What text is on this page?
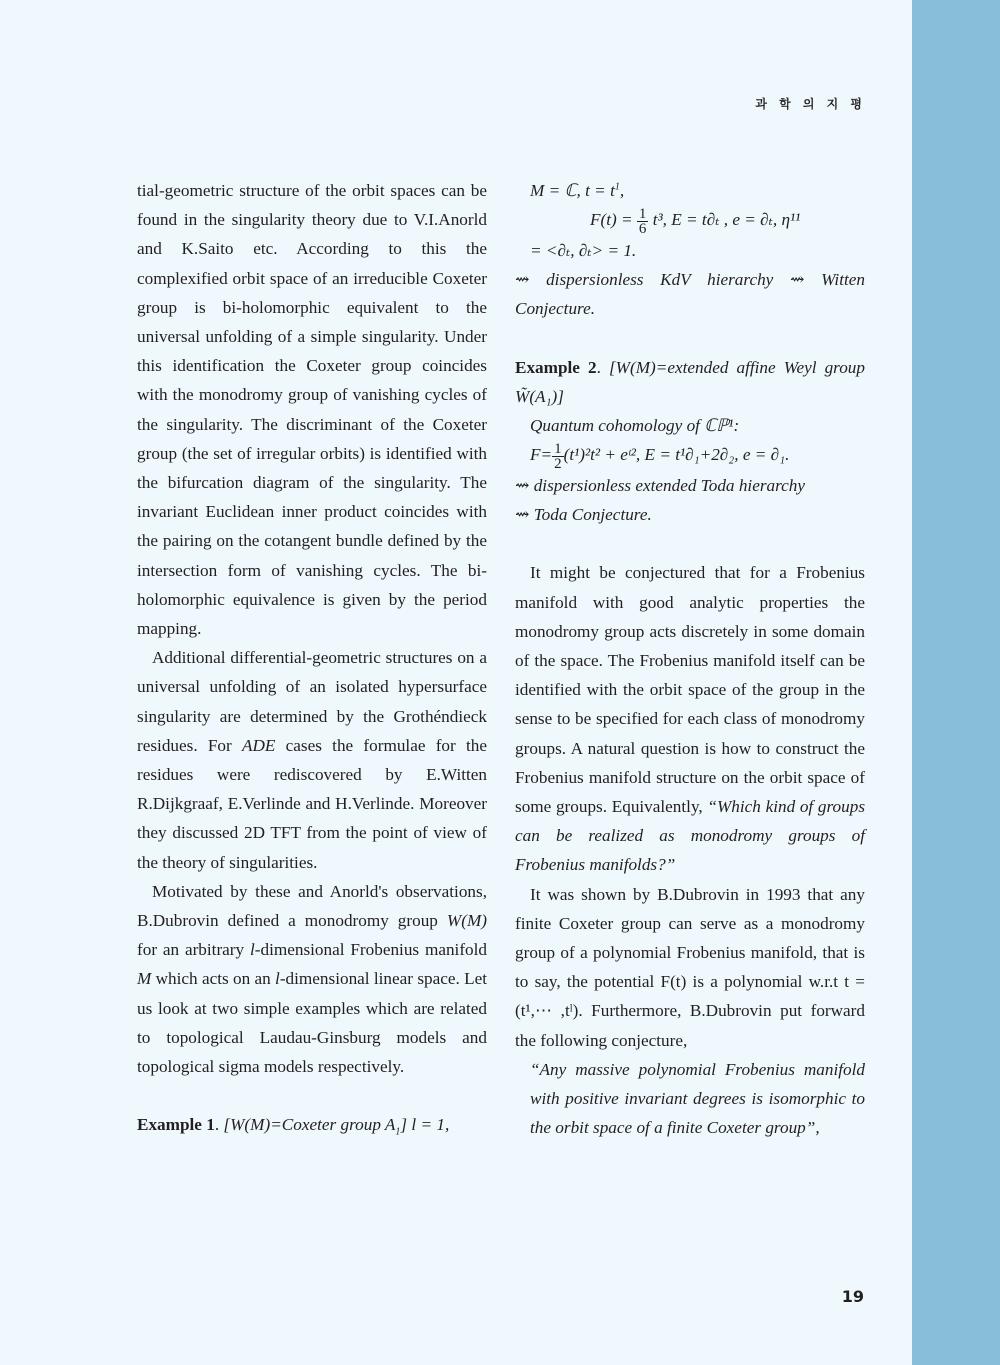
과 학 의 지 평

tial-geometric structure of the orbit spaces can be found in the singularity theory due to V.I.Anorld and K.Saito etc. According to this the complexified orbit space of an irreducible Coxeter group is bi-holomorphic equivalent to the universal unfolding of a simple singularity. Under this identification the Coxeter group coincides with the monodromy group of vanishing cycles of the singularity. The discriminant of the Coxeter group (the set of irregular orbits) is identified with the bifurcation diagram of the singularity. The invariant Euclidean inner product coincides with the pairing on the cotangent bundle defined by the intersection form of vanishing cycles. The bi-holomorphic equivalence is given by the period mapping.

Additional differential-geometric structures on a universal unfolding of an isolated hypersurface singularity are determined by the Grothéndieck residues. For ADE cases the formulae for the residues were rediscovered by E.Witten R.Dijkgraaf, E.Verlinde and H.Verlinde. Moreover they discussed 2D TFT from the point of view of the theory of singularities.

Motivated by these and Anorld's observations, B.Dubrovin defined a monodromy group W(M) for an arbitrary l-dimensional Frobenius manifold M which acts on an l-dimensional linear space. Let us look at two simple examples which are related to topological Laudau-Ginsburg models and topological sigma models respectively.

Example 1. [W(M)=Coxeter group $A_1$] l = 1,

M = ℂ, $t = t^1$,

$F(t) = \frac{1}{6} t^3$, E = t∂ₜ , e = ∂ₜ, η¹¹

= <∂ₜ, ∂ₜ> = 1.

⇝ dispersionless KdV hierarchy ⇝ Witten Conjecture.

Example 2. [W(M)=extended affine Weyl group W̃(A₁)]

Quantum cohomology of ℂℙ¹:

$F= \frac{1}{2} (t^1)^2t^2$ + eᵗ², E = t¹∂₁+2∂₂, e = ∂₁.

⇝ dispersionless extended Toda hierarchy

⇝ Toda Conjecture.

It might be conjectured that for a Frobenius manifold with good analytic properties the monodromy group acts discretely in some domain of the space. The Frobenius manifold itself can be identified with the orbit space of the group in the sense to be specified for each class of monodromy groups. A natural question is how to construct the Frobenius manifold structure on the orbit space of some groups. Equivalently, “Which kind of groups can be realized as monodromy groups of Frobenius manifolds?”

It was shown by B.Dubrovin in 1993 that any finite Coxeter group can serve as a monodromy group of a polynomial Frobenius manifold, that is to say, the potential F(t) is a polynomial w.r.t t = (t¹,⋯ ,tˡ). Furthermore, B.Dubrovin put forward the following conjecture,

“Any massive polynomial Frobenius manifold with positive invariant degrees is isomorphic to the orbit space of a finite Coxeter group”,

19
